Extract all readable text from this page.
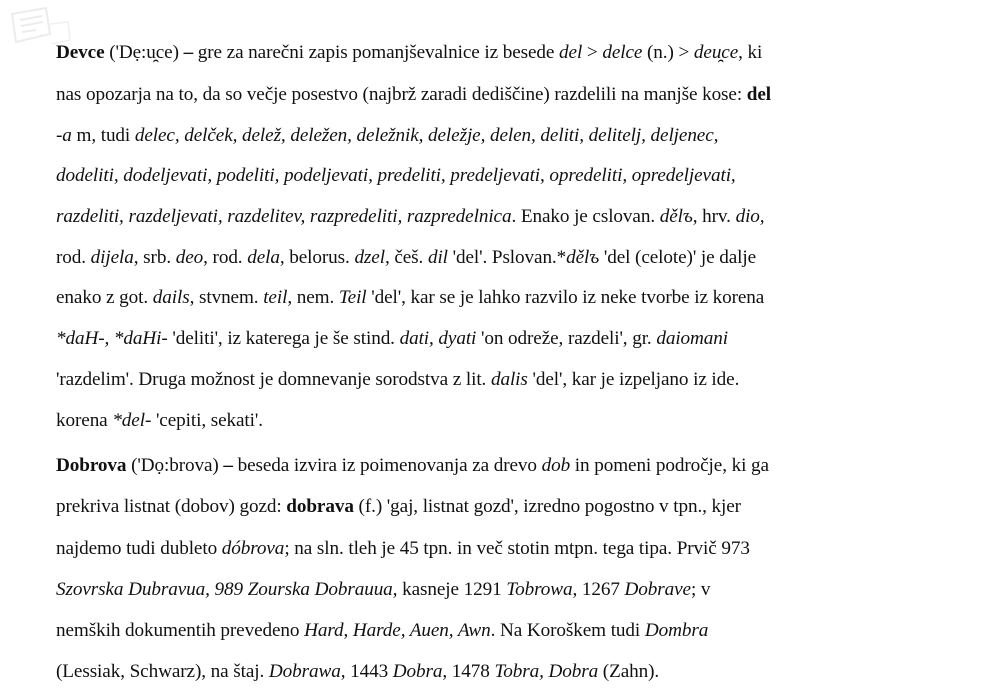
Devce ('Dẹ:u̯ce) – gre za narečni zapis pomanjševalnice iz besede del > delce (n.) > deu̯ce, ki
nas opozarja na to, da so večje posestvo (najbrž zaradi dediščine) razdelili na manjše kose: del
-a m, tudi delec, delček, delež, deležen, deležnik, deležje, delen, deliti, delitelj, deljenec,
dodeliti, dodeljevati, podeliti, podeljevati, predeliti, predeljevati, opredeliti, opredeljevati,
razdeliti, razdeljevati, razdelitev, razpredeliti, razpredelnica. Enako je cslovan. dělъ, hrv. dio,
rod. dijela, srb. deo, rod. dela, belorus. dzel, češ. dil 'del'. Pslovan.*dělъ 'del (celote)' je dalje
enako z got. dails, stvnem. teil, nem. Teil 'del', kar se je lahko razvilo iz neke tvorbe iz korena
*daH-, *daHi- 'deliti', iz katerega je še stind. dati, dyati 'on odreže, razdeli', gr. daiomani
'razdelim'. Druga možnost je domnevanje sorodstva z lit. dalis 'del', kar je izpeljano iz ide.
korena *del- 'cepiti, sekati'.
Dobrova ('Dọ:brova) – beseda izvira iz poimenovanja za drevo dob in pomeni področje, ki ga
prekriva listnat (dobov) gozd: dobrava (f.) 'gaj, listnat gozd', izredno pogostno v tpn., kjer
najdemo tudi dubleto dóbrova; na sln. tleh je 45 tpn. in več stotin mtpn. tega tipa. Prvič 973
Szovrska Dubravua, 989 Zourska Dobrauua, kasneje 1291 Tobrowa, 1267 Dobrave; v
nemških dokumentih prevedeno Hard, Harde, Auen, Awn. Na Koroškem tudi Dombra
(Lessiak, Schwarz), na štaj. Dobrawa, 1443 Dobra, 1478 Tobra, Dobra (Zahn).
